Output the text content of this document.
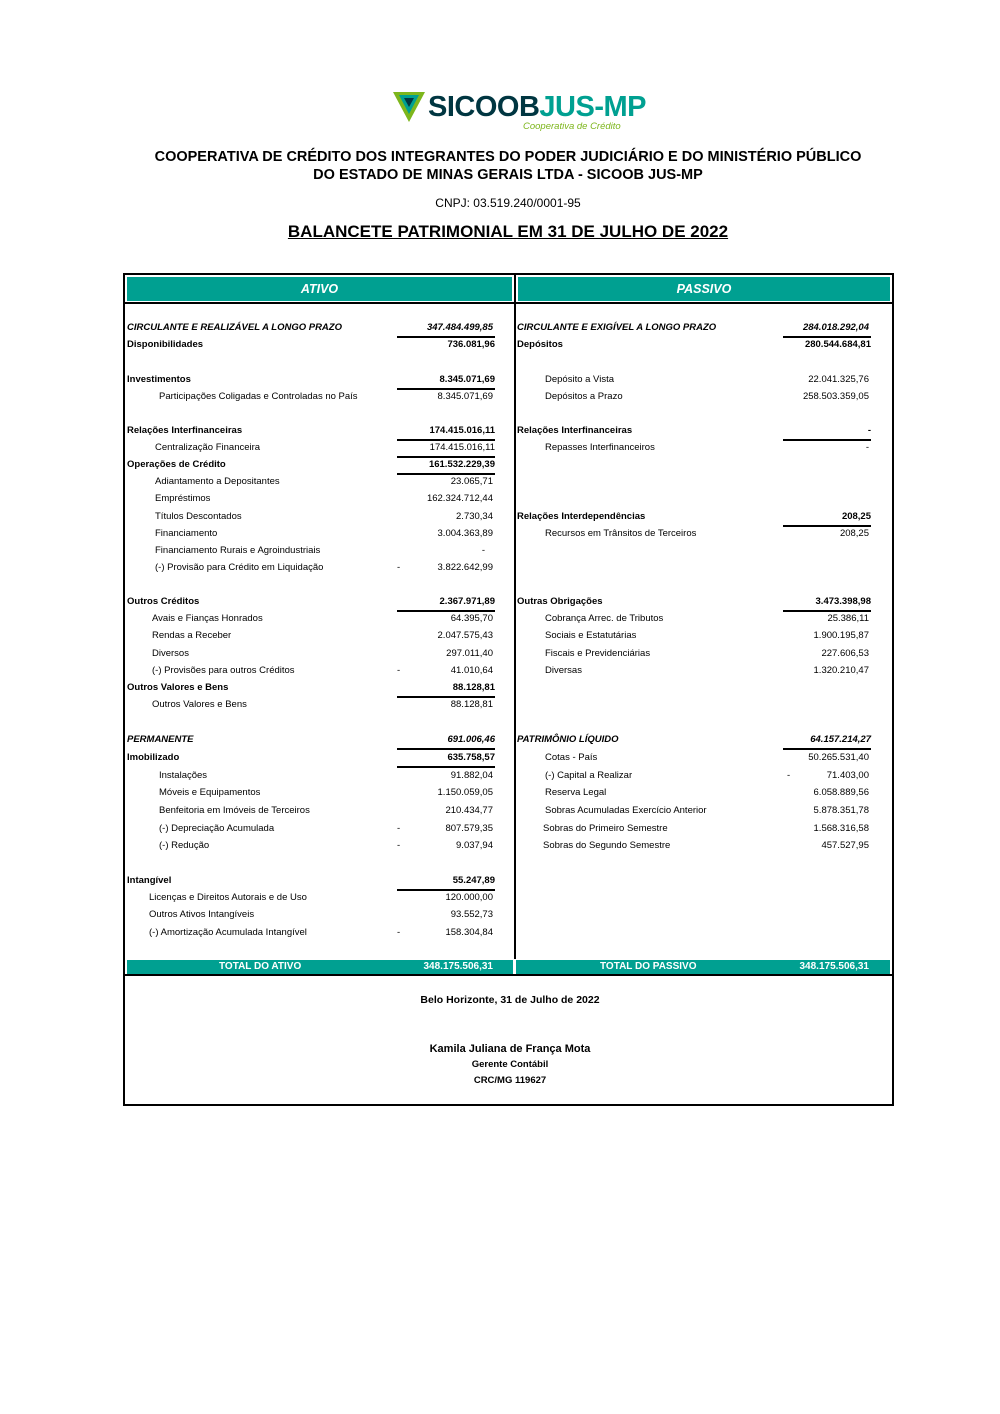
SICOOBJUS-MP
Cooperativa de Crédito
COOPERATIVA DE CRÉDITO DOS INTEGRANTES DO PODER JUDICIÁRIO E DO MINISTÉRIO PÚBLICO
DO ESTADO DE MINAS GERAIS LTDA - SICOOB JUS-MP
CNPJ: 03.519.240/0001-95
BALANCETE PATRIMONIAL EM 31 DE JULHO DE 2022
ATIVO	PASSIVO
CIRCULANTE E REALIZÁVEL A LONGO PRAZO	347.484.499,85
Disponibilidades	736.081,96
Investimentos	8.345.071,69
Participações Coligadas e Controladas no País	8.345.071,69
Relações Interfinanceiras	174.415.016,11
Centralização Financeira	174.415.016,11
Operações de Crédito	161.532.229,39
Adiantamento a Depositantes	23.065,71
Empréstimos	162.324.712,44
Títulos Descontados	2.730,34
Financiamento	3.004.363,89
Financiamento Rurais e Agroindustriais	-
(-) Provisão para Crédito em Liquidação	-	3.822.642,99
Outros Créditos	2.367.971,89
Avais e Fianças Honrados	64.395,70
Rendas a Receber	2.047.575,43
Diversos	297.011,40
(-) Provisões para outros Créditos	-	41.010,64
Outros Valores e Bens	88.128,81
Outros Valores e Bens	88.128,81
PERMANENTE	691.006,46
Imobilizado	635.758,57
Instalações	91.882,04
Móveis e Equipamentos	1.150.059,05
Benfeitoria em Imóveis de Terceiros	210.434,77
(-) Depreciação Acumulada	-	807.579,35
(-) Redução	-	9.037,94
Intangível	55.247,89
Licenças e Direitos Autorais e de Uso	120.000,00
Outros Ativos Intangíveis	93.552,73
(-) Amortização Acumulada Intangível	-	158.304,84
CIRCULANTE E EXIGÍVEL A LONGO PRAZO	284.018.292,04
Depósitos	280.544.684,81
Depósito a Vista	22.041.325,76
Depósitos a Prazo	258.503.359,05
Relações Interfinanceiras	-
Repasses Interfinanceiros	-
Relações Interdependências	208,25
Recursos em Trânsitos de Terceiros	208,25
Outras Obrigações	3.473.398,98
Cobrança Arrec. de Tributos	25.386,11
Sociais e Estatutárias	1.900.195,87
Fiscais e Previdenciárias	227.606,53
Diversas	1.320.210,47
PATRIMÔNIO LÍQUIDO	64.157.214,27
Cotas - País	50.265.531,40
(-) Capital a Realizar	-	71.403,00
Reserva Legal	6.058.889,56
Sobras Acumuladas Exercício Anterior	5.878.351,78
Sobras do Primeiro Semestre	1.568.316,58
Sobras do Segundo Semestre	457.527,95
TOTAL DO ATIVO	348.175.506,31	TOTAL DO PASSIVO	348.175.506,31
Belo Horizonte, 31 de Julho de 2022
Kamila Juliana de França Mota
Gerente Contábil
CRC/MG 119627
